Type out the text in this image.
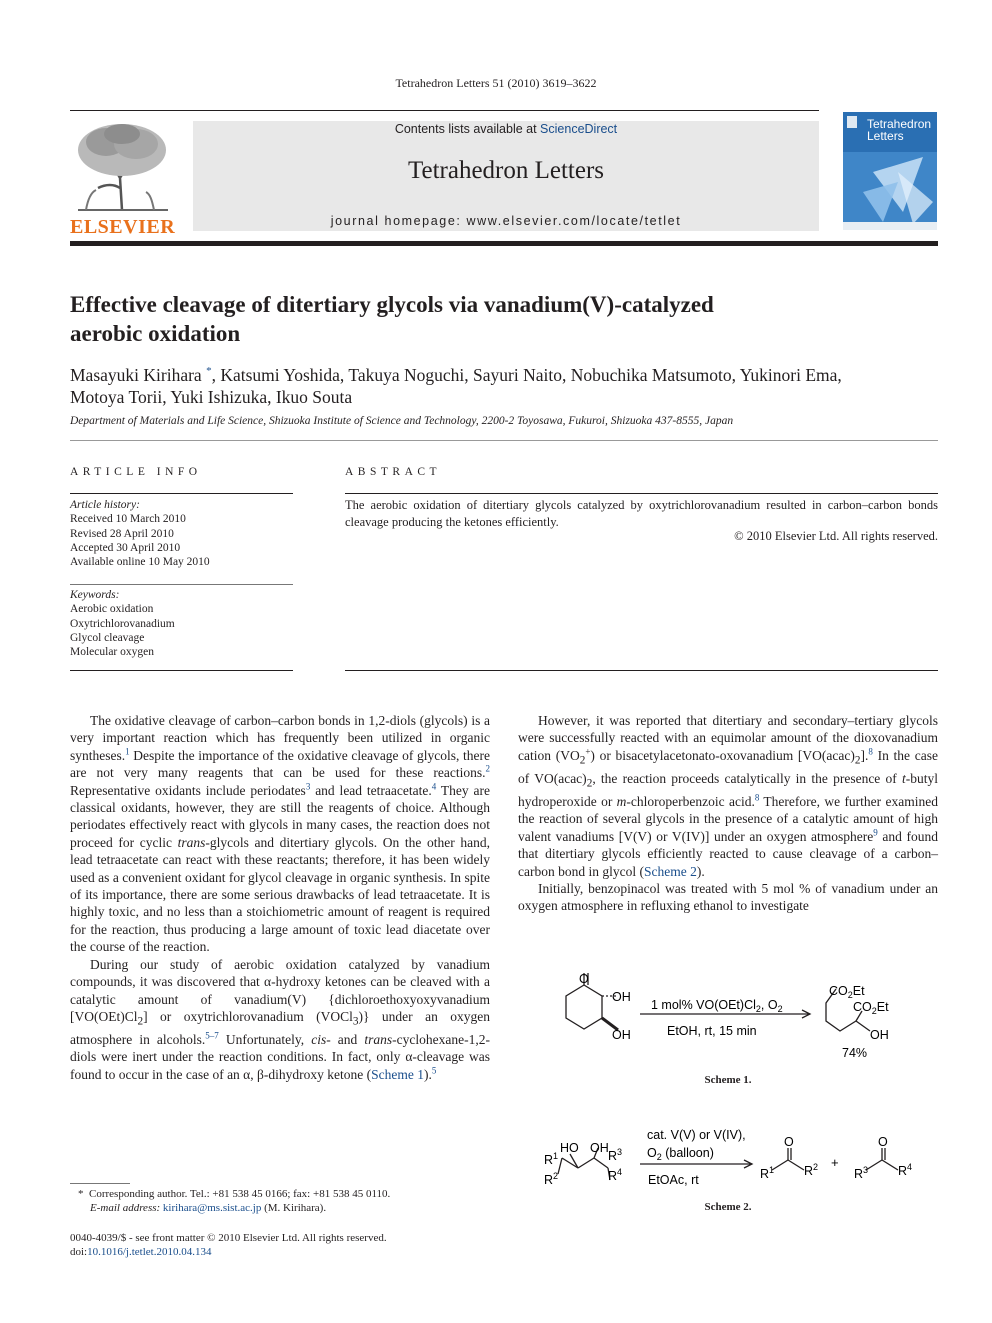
Tetrahedron Letters 51 (2010) 3619–3622
ELSEVIER
Contents lists available at ScienceDirect
Tetrahedron Letters
journal homepage: www.elsevier.com/locate/tetlet
Tetrahedron
Letters
Effective cleavage of ditertiary glycols via vanadium(V)-catalyzed
aerobic oxidation
Masayuki Kirihara *, Katsumi Yoshida, Takuya Noguchi, Sayuri Naito, Nobuchika Matsumoto, Yukinori Ema,
Motoya Torii, Yuki Ishizuka, Ikuo Souta
Department of Materials and Life Science, Shizuoka Institute of Science and Technology, 2200-2 Toyosawa, Fukuroi, Shizuoka 437-8555, Japan
ARTICLE INFO
Article history:
Received 10 March 2010
Revised 28 April 2010
Accepted 30 April 2010
Available online 10 May 2010
Keywords:
Aerobic oxidation
Oxytrichlorovanadium
Glycol cleavage
Molecular oxygen
ABSTRACT
The aerobic oxidation of ditertiary glycols catalyzed by oxytrichlorovanadium resulted in carbon–carbon bonds cleavage producing the ketones efficiently.
© 2010 Elsevier Ltd. All rights reserved.

The oxidative cleavage of carbon–carbon bonds in 1,2-diols (glycols) is a very important reaction which has frequently been utilized in organic syntheses.$^1$ Despite the importance of the oxidative cleavage of glycols, there are not very many reagents that can be used for these reactions.$^2$ Representative oxidants include periodates$^3$ and lead tetraacetate.$^4$ They are classical oxidants, however, they are still the reagents of choice. Although periodates effectively react with glycols in many cases, the reaction does not proceed for cyclic trans-glycols and ditertiary glycols. On the other hand, lead tetraacetate can react with these reactants; therefore, it has been widely used as a convenient oxidant for glycol cleavage in organic synthesis. In spite of its importance, there are some serious drawbacks of lead tetraacetate. It is highly toxic, and no less than a stoichiometric amount of reagent is required for the reaction, thus producing a large amount of toxic lead diacetate over the course of the reaction.

During our study of aerobic oxidation catalyzed by vanadium compounds, it was discovered that α-hydroxy ketones can be cleaved with a catalytic amount of vanadium(V) {dichloroethoxyoxyvanadium $[VO(OEt)Cl_2]$ or oxytrichlorovanadium (VOCl$_3$)} under an oxygen atmosphere in alcohols.$^{5-7}$ Unfortunately, cis- and trans-cyclohexane-1,2-diols were inert under the reaction conditions. In fact, only α-cleavage was found to occur in the case of an α, β-dihydroxy ketone (Scheme 1).$^5$

However, it was reported that ditertiary and secondary–tertiary glycols were successfully reacted with an equimolar amount of the dioxovanadium cation $(VO_2^+)$ or bisacetylacetonato-oxovanadium $[VO(acac)_2].^8$ In the case of $VO(acac)_2$, the reaction proceeds catalytically in the presence of t-butyl hydroperoxide or m-chloroperbenzoic acid.$^8$ Therefore, we further examined the reaction of several glycols in the presence of a catalytic amount of high valent vanadiums [V(V) or V(IV)] under an oxygen atmosphere$^9$ and found that ditertiary glycols efficiently reacted to cause cleavage of a carbon–carbon bond in glycol (Scheme 2).

Initially, benzopinacol was treated with 5 mol % of vanadium under an oxygen atmosphere in refluxing ethanol to investigate

O
OH
OH
1 mol% $VO(OEt)Cl_2$, $O_2$
EtOH, rt, 15 min
$CO_2Et$
$CO_2Et$
OH
74%
Scheme 1.
HO OH
$R^1$
$R^2$
$R^3$
$R^4$
cat. V(V) or V(IV),
$O_2$ (balloon)
EtOAc, rt
O
$R^1$ $R^2$ +
O
$R^3$ $R^4$
Scheme 2.
* Corresponding author. Tel.: +81 538 45 0166; fax: +81 538 45 0110.
E-mail address: kirihara@ms.sist.ac.jp (M. Kirihara).
0040-4039/$ - see front matter © 2010 Elsevier Ltd. All rights reserved.
doi:10.1016/j.tetlet.2010.04.134
